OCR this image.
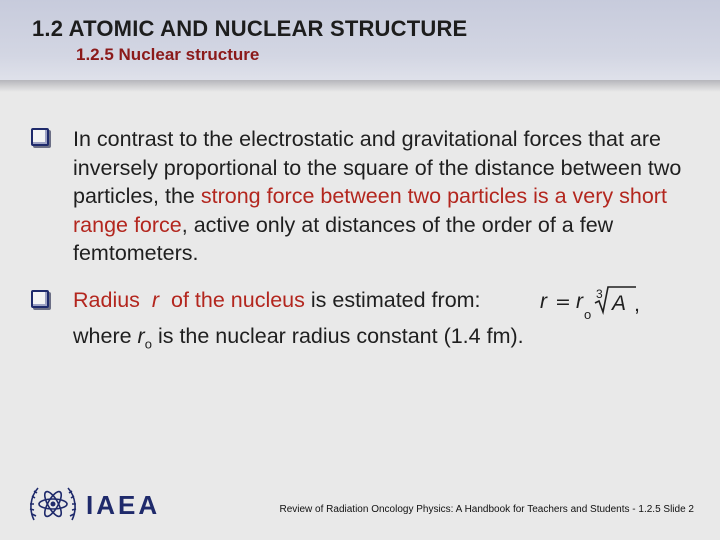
1.2 ATOMIC AND NUCLEAR STRUCTURE
1.2.5 Nuclear structure
In contrast to the electrostatic and gravitational forces that are inversely proportional to the square of the distance between two particles, the strong force between two particles is a very short range force, active only at distances of the order of a few femtometers.
Radius r of the nucleus is estimated from:	r = r
o
3 A ,
where $r_o$ is the nuclear radius constant (1.4 fm).

IAEA	Review of Radiation Oncology Physics: A Handbook for Teachers and Students - 1.2.5 Slide 2
